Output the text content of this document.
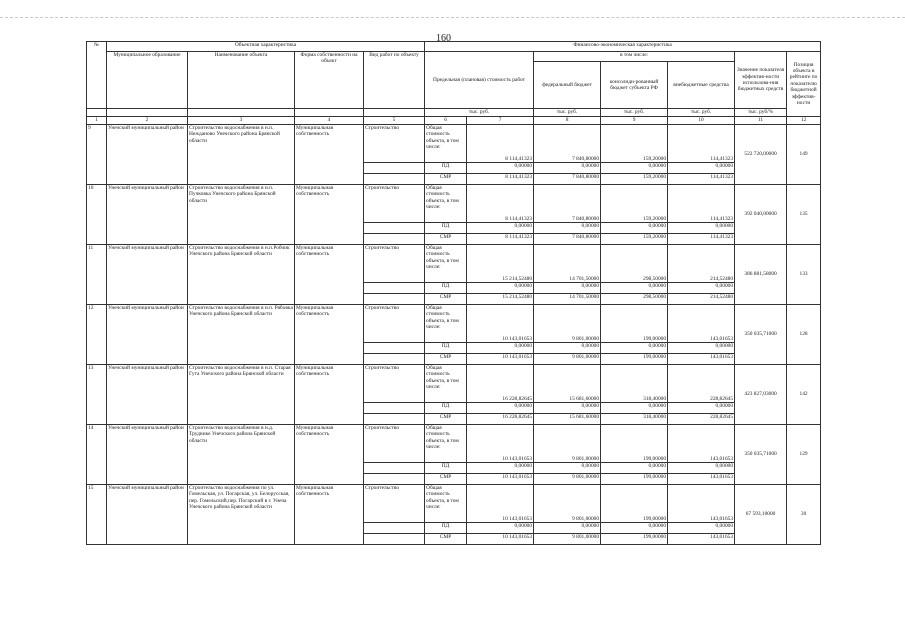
160
№	Объектная характеристика				Финансово-экономическая характеристика							
	Муниципальное образование	Наименование объекта	Форма собственности на объект	Вид работ по объекту	Предельная (плановая) стоимость работ		в том числе:			Значение показателя эффектив-ности использова-ния бюджетных средств	Позиция объекта в рейтинге по показателю бюджетной эффектив-ности	
							федеральный бюджет	консолиди-рованный бюджет субъекта РФ	внебюджетные средства			
					тыс. руб.		тыс. руб.	тыс. руб.	тыс. руб.	тыс. руб/%		
1	2	3	4	5	6	7	8	9	10	11	12	
9	Унечский муниципальный район	Строительство водоснабжения в н.п. Неждановo Унечского района Брянской области	Муниципальная собственность	Строительство	Общая
стоимость
объекта, в том
числе:	8 114,41323	7 840,80000	159,20000	114,41323	522 720,00000	149	
					ПД	0,00000	0,00000	0,00000	0,00000			
					СМР	8 114,41323	7 840,80000	159,20000	114,41323			
10	Унечский муниципальный район	Строительство водоснабжения в н.п. Пучковка Унечского района Брянской области	Муниципальная собственность	Строительство	Общая
стоимость
объекта, в том
числе:	8 114,41323	7 840,80000	159,20000	114,41323	392 040,00000	135	
					ПД	0,00000	0,00000	0,00000	0,00000			
					СМР	8 114,41323	7 840,80000	159,20000	114,41323			
11	Унечский муниципальный район	Строительство водоснабжения в н.п.Робчик Унечского района Брянской области	Муниципальная собственность	Строительство	Общая
стоимость
объекта, в том
числе:	15 214,52480	14 701,50000	298,50000	214,52480	386 881,58000	133	
					ПД	0,00000	0,00000	0,00000	0,00000			
					СМР	15 214,52480	14 701,50000	298,50000	214,52480			
12	Унечский муниципальный район	Строительство водоснабжения в н.п. Рябовка Унечского района Брянской области	Муниципальная собственность	Строительство	Общая
стоимость
объекта, в том
числе:	10 143,01653	9 801,00000	199,00000	143,01653	350 035,71000	128	
					ПД	0,00000	0,00000	0,00000	0,00000			
					СМР	10 143,01653	9 801,00000	199,00000	143,01653			
13	Унечский муниципальный район	Строительство водоснабжения в н.п. Старая Гута Унечского района Брянской области	Муниципальная собственность	Строительство	Общая
стоимость
объекта, в том
числе:	16 228,82645	15 681,60000	318,40000	228,82645	423 827,03000	142	
					ПД	0,00000	0,00000	0,00000	0,00000			
					СМР	16 228,82645	15 681,60000	318,40000	228,82645			
14	Унечский муниципальный район	Строительство водоснабжения в н.д. Труднике Унечского района Брянской области	Муниципальная собственность	Строительство	Общая
стоимость
объекта, в том
числе:	10 143,01653	9 801,00000	199,00000	143,01653	350 035,71000	129	
					ПД	0,00000	0,00000	0,00000	0,00000			
					СМР	10 143,01653	9 801,00000	199,00000	143,01653			
15	Унечский муниципальный район	Строительство водоснабжения по ул. Гомельская, ул. Погарская, ул. Белорусская, пер. Гомельский,пер. Погарский в г. Унеча Унечского района Брянской области	Муниципальная собственность	Строительство	Общая
стоимость
объекта, в том
числе:	10 143,01653	9 801,00000	199,00000	143,01653	67 593,10000	30	
					ПД	0,00000	0,00000	0,00000	0,00000			
					СМР	10 143,01653	9 801,00000	199,00000	143,01653			
